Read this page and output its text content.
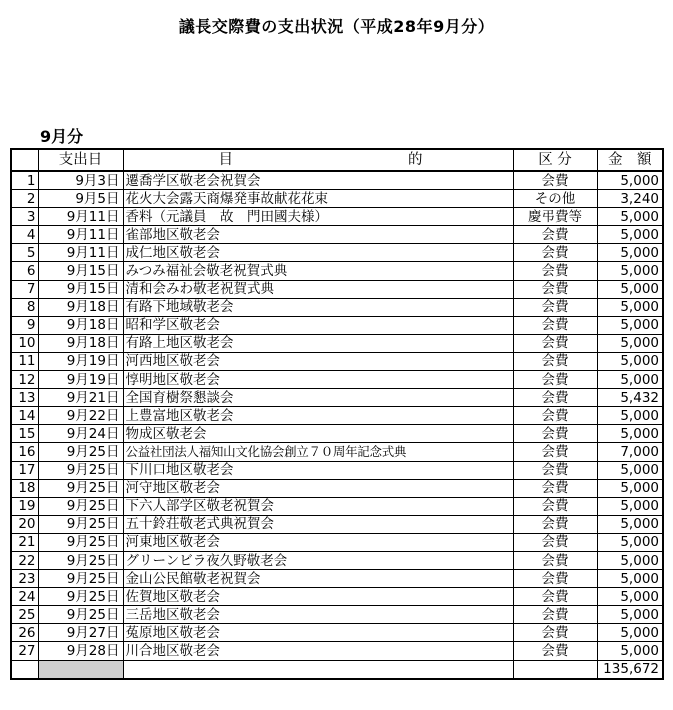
議長交際費の支出状況（平成28年9月分）
9月分
	支出日	目 的	区 分	金　額
1	9月3日	遷喬学区敬老会祝賀会	会費	5,000
2	9月5日	花火大会露天商爆発事故献花花束	その他	3,240
3	9月11日	香料（元議員　故　門田國夫様）	慶弔費等	5,000
4	9月11日	雀部地区敬老会	会費	5,000
5	9月11日	成仁地区敬老会	会費	5,000
6	9月15日	みつみ福祉会敬老祝賀式典	会費	5,000
7	9月15日	清和会みわ敬老祝賀式典	会費	5,000
8	9月18日	有路下地域敬老会	会費	5,000
9	9月18日	昭和学区敬老会	会費	5,000
10	9月18日	有路上地区敬老会	会費	5,000
11	9月19日	河西地区敬老会	会費	5,000
12	9月19日	惇明地区敬老会	会費	5,000
13	9月21日	全国育樹祭懇談会	会費	5,432
14	9月22日	上豊富地区敬老会	会費	5,000
15	9月24日	物成区敬老会	会費	5,000
16	9月25日	公益社団法人福知山文化協会創立７０周年記念式典	会費	7,000
17	9月25日	下川口地区敬老会	会費	5,000
18	9月25日	河守地区敬老会	会費	5,000
19	9月25日	下六人部学区敬老祝賀会	会費	5,000
20	9月25日	五十鈴荘敬老式典祝賀会	会費	5,000
21	9月25日	河東地区敬老会	会費	5,000
22	9月25日	グリーンビラ夜久野敬老会	会費	5,000
23	9月25日	金山公民館敬老祝賀会	会費	5,000
24	9月25日	佐賀地区敬老会	会費	5,000
25	9月25日	三岳地区敬老会	会費	5,000
26	9月27日	菟原地区敬老会	会費	5,000
27	9月28日	川合地区敬老会	会費	5,000
				135,672
